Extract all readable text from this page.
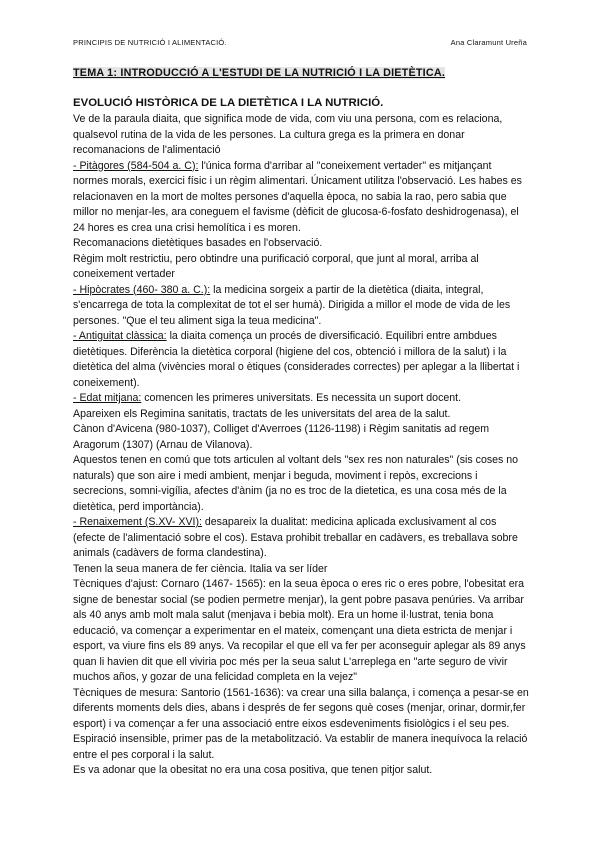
PRINCIPIS DE NUTRICIÓ I ALIMENTACIÓ.	Ana Claramunt Ureña
TEMA 1: INTRODUCCIÓ A L'ESTUDI DE LA NUTRICIÓ I LA DIETÈTICA.
EVOLUCIÓ HISTÒRICA DE LA DIETÈTICA I LA NUTRICIÓ.

Ve de la paraula diaita, que significa mode de vida, com viu una persona, com es relaciona, qualsevol rutina de la vida de les persones. La cultura grega es la primera en donar recomanacions de l'alimentació

- Pitàgores (584-504 a. C): l'única forma d'arribar al "coneixement vertader" es mitjançant normes morals, exercici físic i un règim alimentari. Únicament utilitza l'observació. Les habes es relacionaven en la mort de moltes persones d'aquella època, no sabia la rao, pero sabia que millor no menjar-les, ara coneguem el favisme (dèficit de glucosa-6-fosfato deshidrogenasa), el 24 hores es crea una crisi hemolítica i es moren.

Recomanacions dietètiques basades en l'observació.

Règim molt restrictiu, pero obtindre una purificació corporal, que junt al moral, arriba al coneixement vertader

- Hipòcrates (460- 380 a. C.): la medicina sorgeix a partir de la dietètica (diaita, integral, s'encarrega de tota la complexitat de tot el ser humà). Dirigida a millor el mode de vida de les persones. "Que el teu aliment siga la teua medicina".

- Antiguitat clàssica: la diaita comença un procés de diversificació. Equilibri entre ambdues dietètiques. Diferència la dietètica corporal (higiene del cos, obtenció i millora de la salut) i la dietètica del alma (vivències moral o ètiques (considerades correctes) per aplegar a la llibertat i coneixement).

- Edat mitjana: comencen les primeres universitats. Es necessita un suport docent.

Apareixen els Regimina sanitatis, tractats de les universitats del area de la salut.

Cànon d'Avicena (980-1037), Colliget d'Averroes (1126-1198) i Règim sanitatis ad regem Aragorum (1307) (Arnau de Vilanova).

Aquestos tenen en comú que tots articulen al voltant dels "sex res non naturales" (sis coses no naturals) que son aire i medi ambient, menjar i beguda, moviment i repòs, excrecions i secrecions, somni-vigília, afectes d'ànim (ja no es troc de la dietetica, es una cosa més de la dietètica, perd importància).

- Renaixement (S.XV- XVI): desapareix la dualitat: medicina aplicada exclusivament al cos (efecte de l'alimentació sobre el cos). Estava prohibit treballar en cadàvers, es treballava sobre animals (cadàvers de forma clandestina).

Tenen la seua manera de fer ciència. Italia va ser líder

Tècniques d'ajust: Cornaro (1467- 1565): en la seua època o eres ric o eres pobre, l'obesitat era signe de benestar social (se podien permetre menjar), la gent pobre pasava penúries. Va arribar als 40 anys amb molt mala salut (menjava i bebia molt). Era un home il·lustrat, tenia bona educació, va començar a experimentar en el mateix, començant una dieta estricta de menjar i esport, va viure fins els 89 anys. Va recopilar el que ell va fer per aconseguir aplegar als 89 anys quan li havien dit que ell viviria poc més per la seua salut L'arreplega en "arte seguro de vivir muchos años, y gozar de una felicidad completa en la vejez"

Tècniques de mesura: Santorio (1561-1636): va crear una silla balança, i comença a pesar-se en diferents moments dels dies, abans i després de fer segons què coses (menjar, orinar, dormir,fer esport) i va començar a fer una associació entre eixos esdeveniments fisiològics i el seu pes. Espiració insensible, primer pas de la metabolització. Va establir de manera inequívoca la relació entre el pes corporal i la salut.

Es va adonar que la obesitat no era una cosa positiva, que tenen pitjor salut.
